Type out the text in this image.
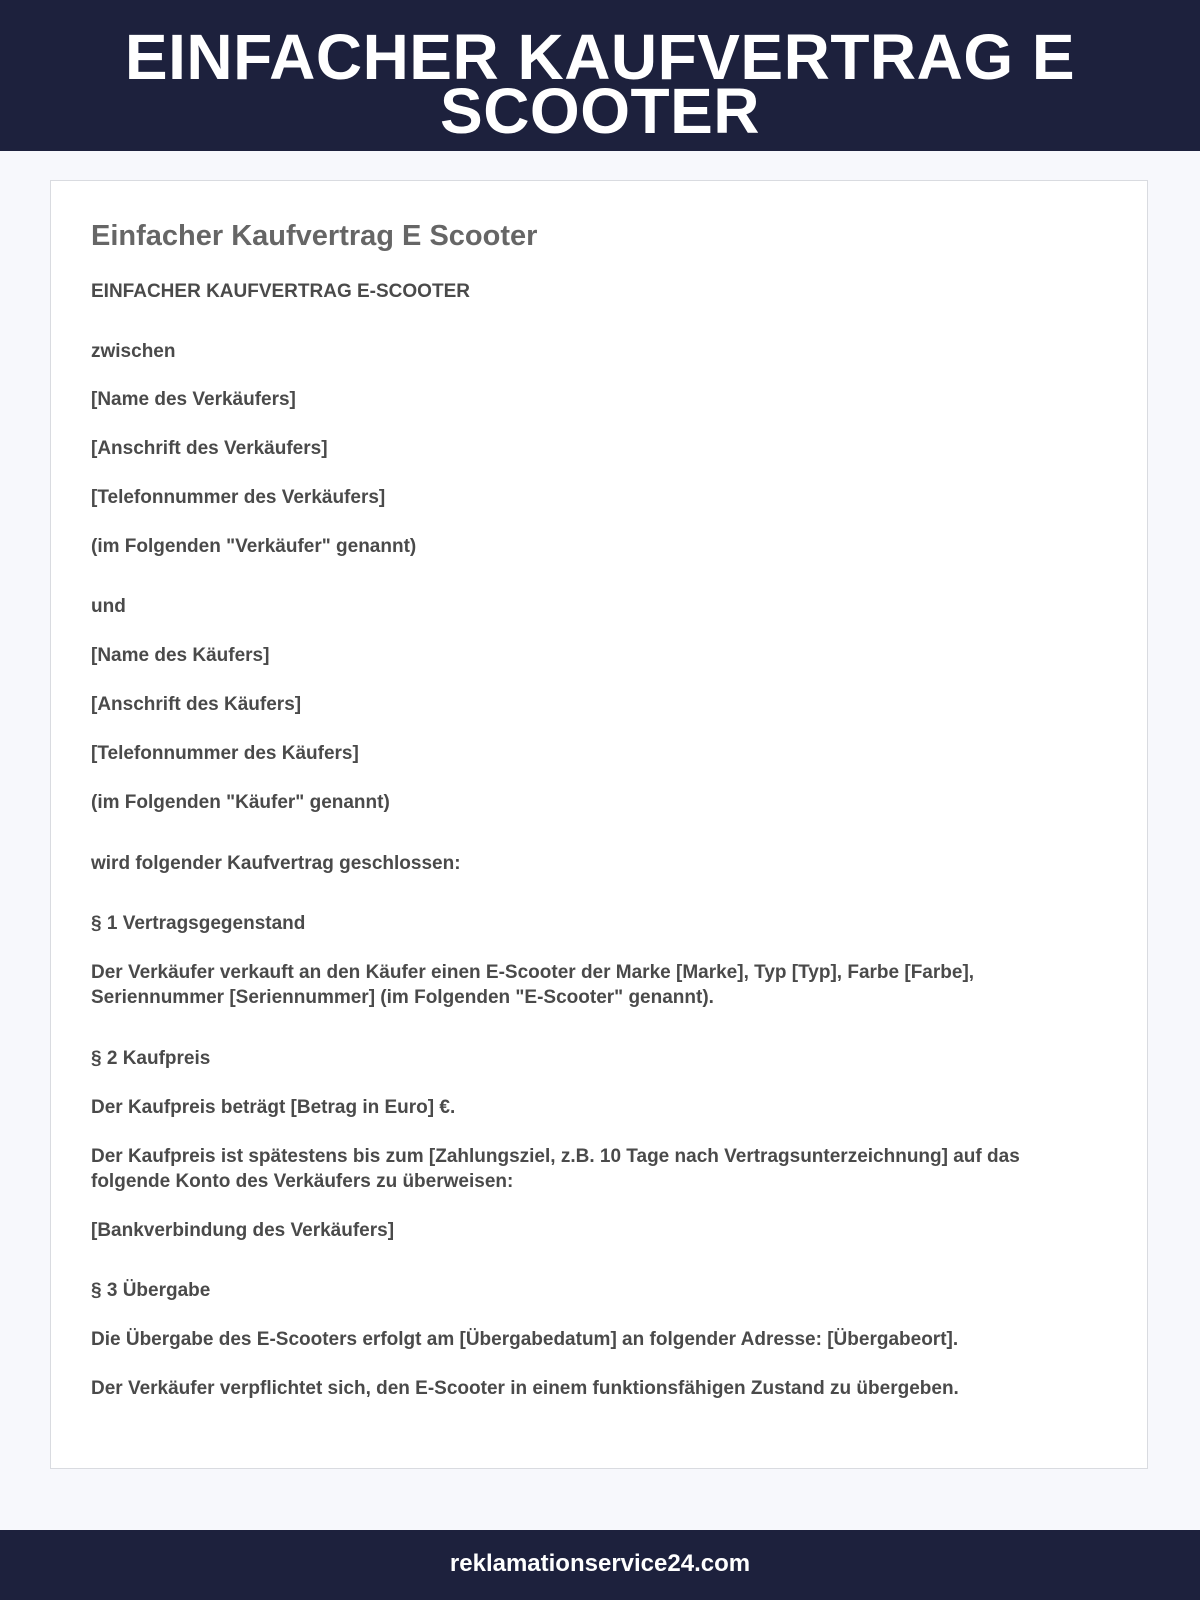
EINFACHER KAUFVERTRAG E SCOOTER
Einfacher Kaufvertrag E Scooter

EINFACHER KAUFVERTRAG E-SCOOTER

zwischen

[Name des Verkäufers]

[Anschrift des Verkäufers]

[Telefonnummer des Verkäufers]

(im Folgenden "Verkäufer" genannt)

und

[Name des Käufers]

[Anschrift des Käufers]

[Telefonnummer des Käufers]

(im Folgenden "Käufer" genannt)

wird folgender Kaufvertrag geschlossen:

§ 1 Vertragsgegenstand

Der Verkäufer verkauft an den Käufer einen E-Scooter der Marke [Marke], Typ [Typ], Farbe [Farbe], Seriennummer [Seriennummer] (im Folgenden "E-Scooter" genannt).

§ 2 Kaufpreis

Der Kaufpreis beträgt [Betrag in Euro] €.

Der Kaufpreis ist spätestens bis zum [Zahlungsziel, z.B. 10 Tage nach Vertragsunterzeichnung] auf das folgende Konto des Verkäufers zu überweisen:

[Bankverbindung des Verkäufers]

§ 3 Übergabe

Die Übergabe des E-Scooters erfolgt am [Übergabedatum] an folgender Adresse: [Übergabeort].

Der Verkäufer verpflichtet sich, den E-Scooter in einem funktionsfähigen Zustand zu übergeben.

reklamationservice24.com
